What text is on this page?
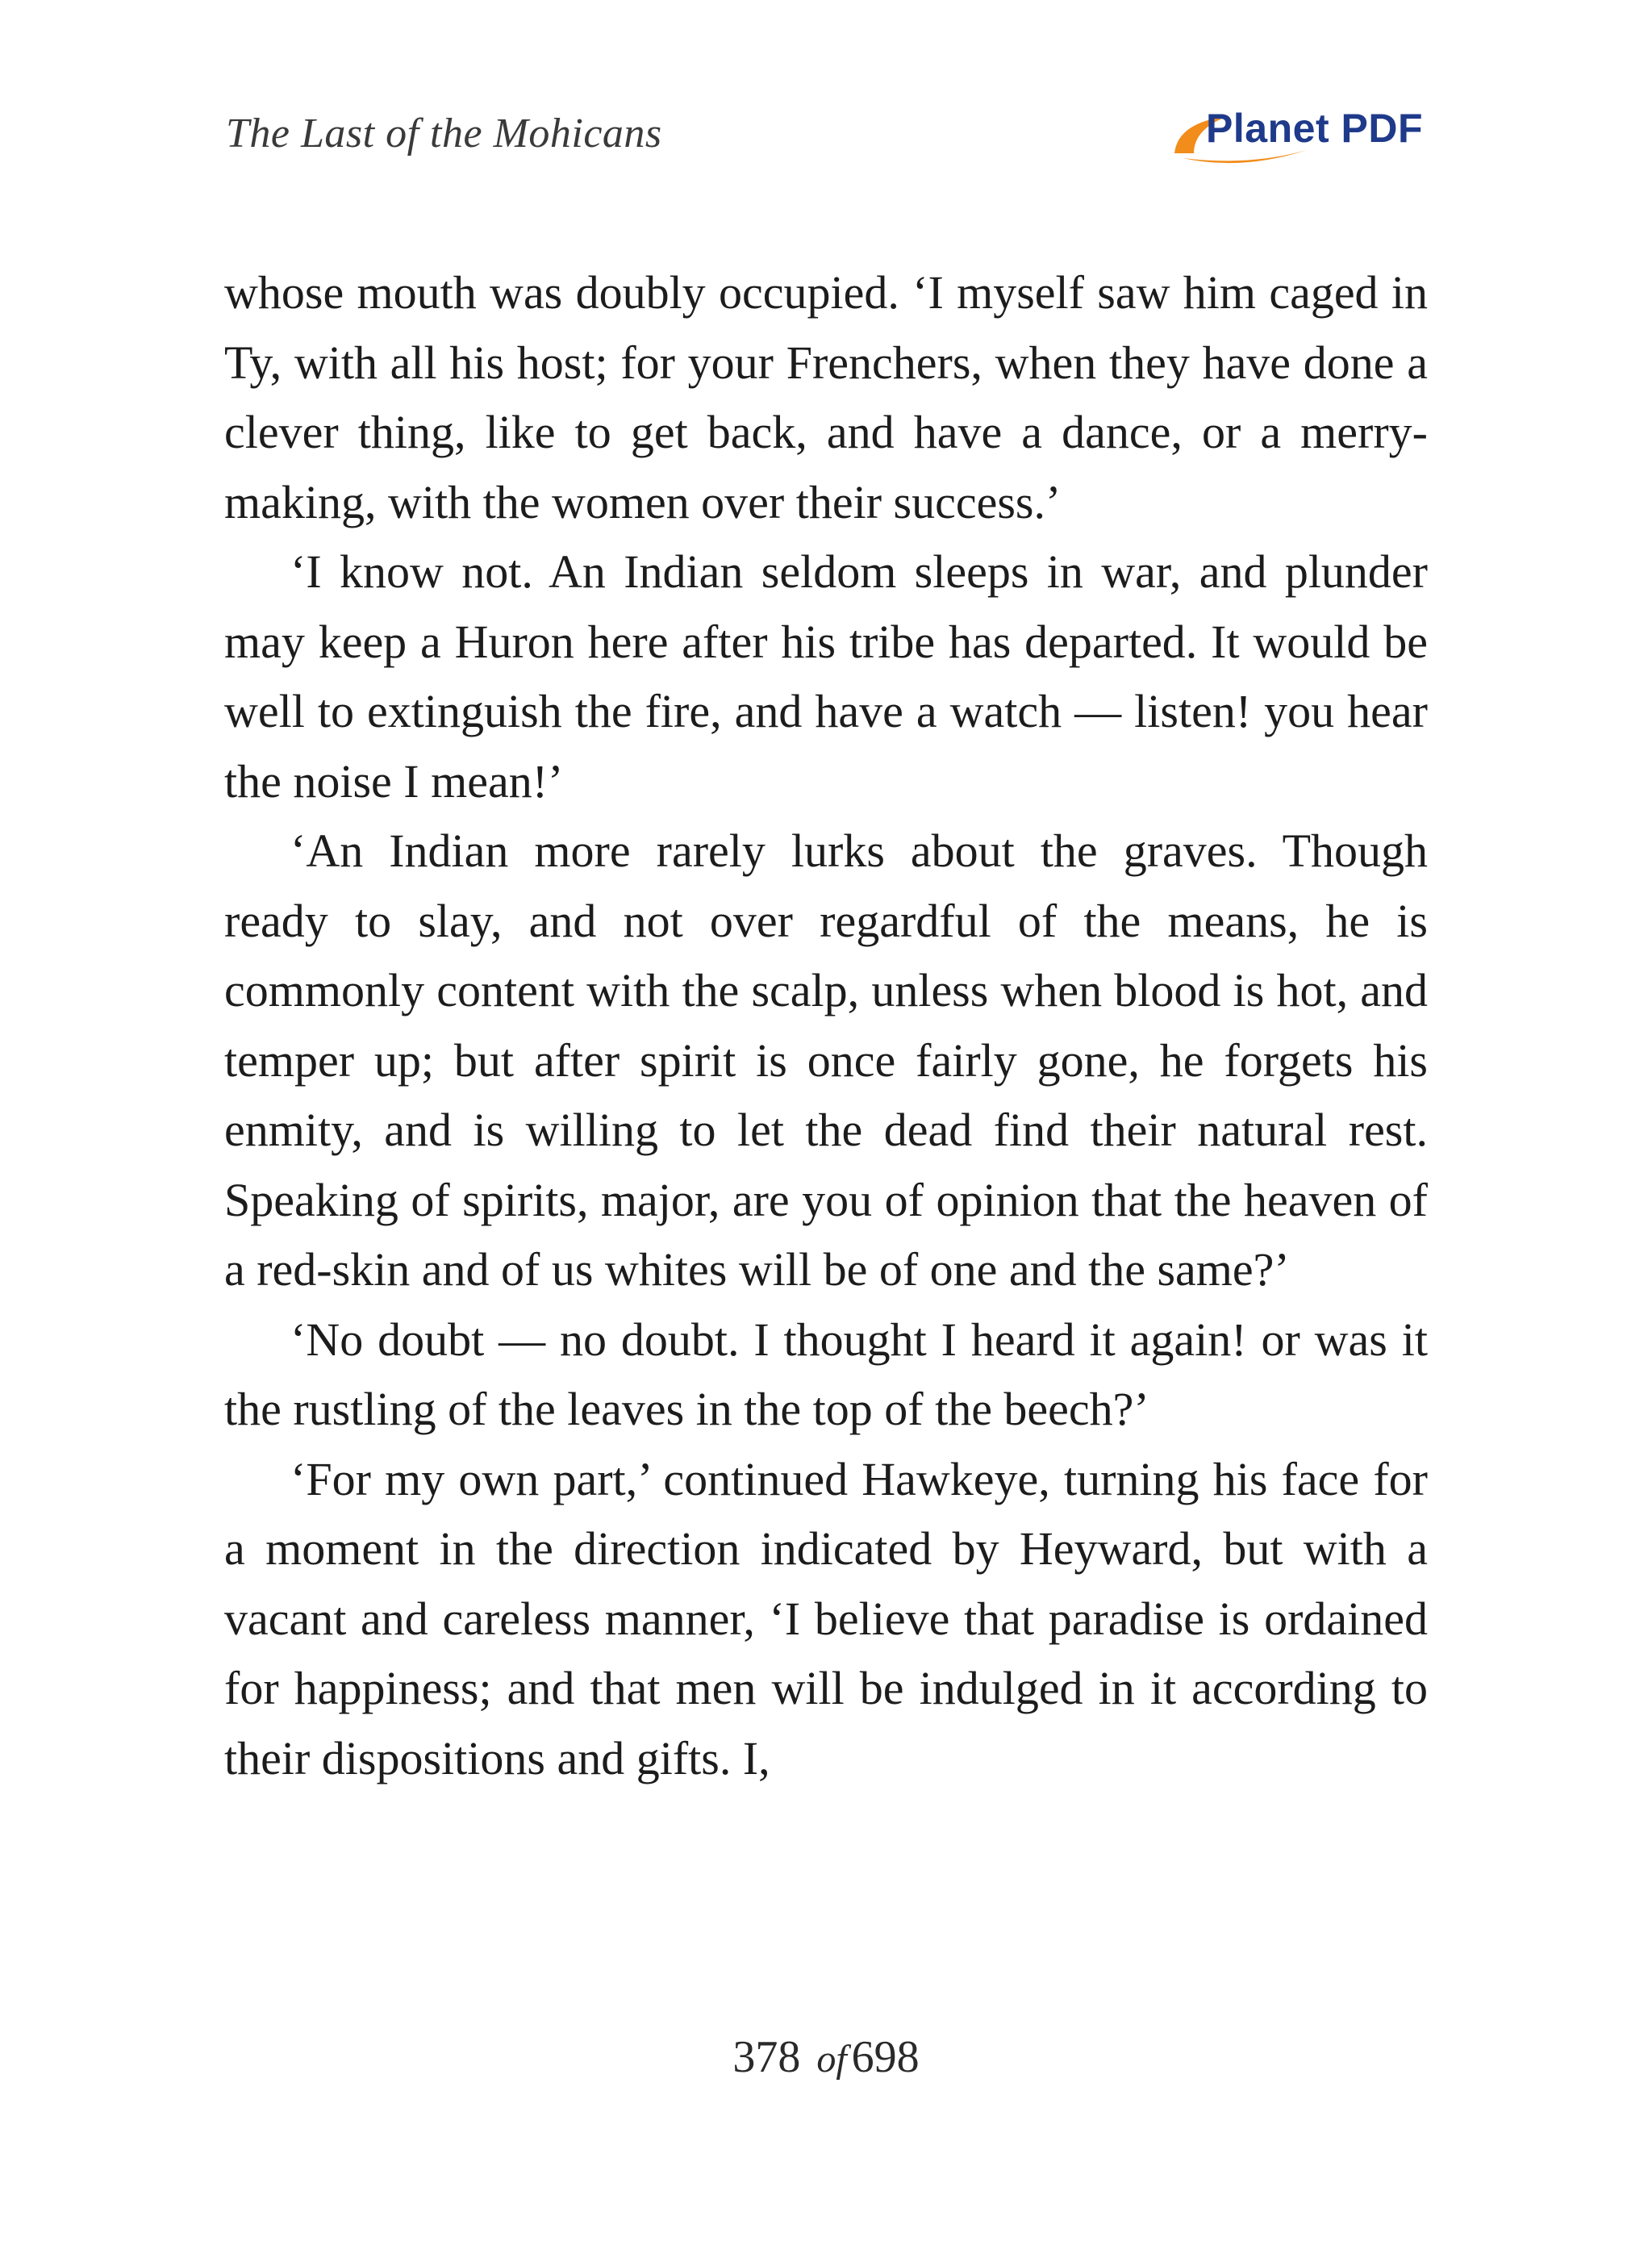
The Last of the Mohicans	Planet PDF

whose mouth was doubly occupied. ‘I myself saw him caged in Ty, with all his host; for your Frenchers, when they have done a clever thing, like to get back, and have a dance, or a merry-making, with the women over their success.’

‘I know not. An Indian seldom sleeps in war, and plunder may keep a Huron here after his tribe has departed. It would be well to extinguish the fire, and have a watch — listen! you hear the noise I mean!’

‘An Indian more rarely lurks about the graves. Though ready to slay, and not over regardful of the means, he is commonly content with the scalp, unless when blood is hot, and temper up; but after spirit is once fairly gone, he forgets his enmity, and is willing to let the dead find their natural rest. Speaking of spirits, major, are you of opinion that the heaven of a red-skin and of us whites will be of one and the same?’

‘No doubt — no doubt. I thought I heard it again! or was it the rustling of the leaves in the top of the beech?’

‘For my own part,’ continued Hawkeye, turning his face for a moment in the direction indicated by Heyward, but with a vacant and careless manner, ‘I believe that paradise is ordained for happiness; and that men will be indulged in it according to their dispositions and gifts. I,

378 of 698
